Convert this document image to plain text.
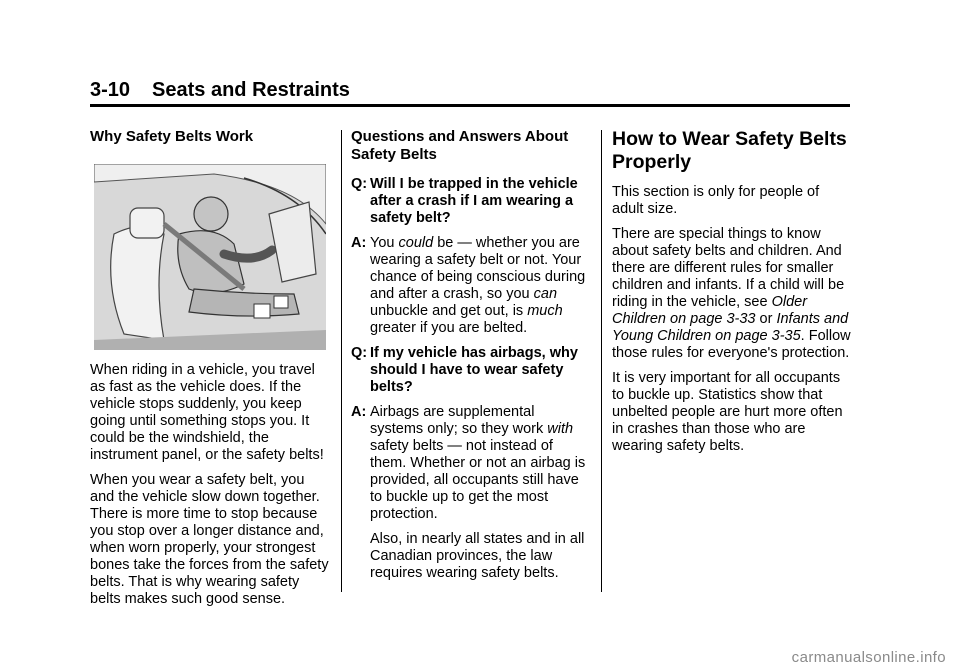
3-10 Seats and Restraints
Why Safety Belts Work

When riding in a vehicle, you travel as fast as the vehicle does. If the vehicle stops suddenly, you keep going until something stops you. It could be the windshield, the instrument panel, or the safety belts!

When you wear a safety belt, you and the vehicle slow down together. There is more time to stop because you stop over a longer distance and, when worn properly, your strongest bones take the forces from the safety belts. That is why wearing safety belts makes such good sense.

Questions and Answers About Safety Belts
Q: Will I be trapped in the vehicle after a crash if I am wearing a safety belt?
A: You could be — whether you are wearing a safety belt or not. Your chance of being conscious during and after a crash, so you can unbuckle and get out, is much greater if you are belted.
Q: If my vehicle has airbags, why should I have to wear safety belts?
A: Airbags are supplemental systems only; so they work with safety belts — not instead of them. Whether or not an airbag is provided, all occupants still have to buckle up to get the most protection.
Also, in nearly all states and in all Canadian provinces, the law requires wearing safety belts.
How to Wear Safety Belts Properly

This section is only for people of adult size.

There are special things to know about safety belts and children. And there are different rules for smaller children and infants. If a child will be riding in the vehicle, see Older Children on page 3-33 or Infants and Young Children on page 3-35. Follow those rules for everyone's protection.

It is very important for all occupants to buckle up. Statistics show that unbelted people are hurt more often in crashes than those who are wearing safety belts.

carmanualsonline.info
